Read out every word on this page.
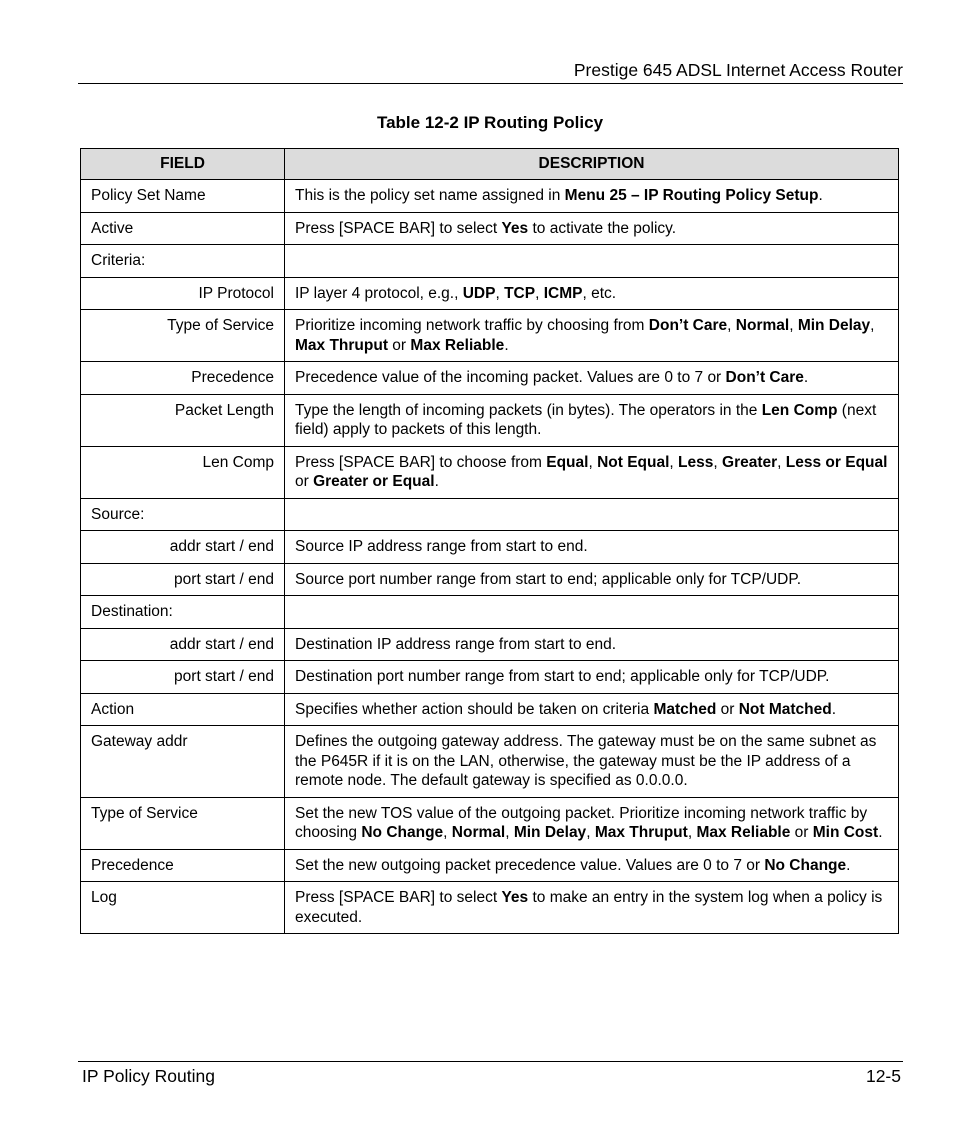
Prestige 645 ADSL Internet Access Router
Table 12-2 IP Routing Policy
FIELD	DESCRIPTION
Policy Set Name	This is the policy set name assigned in Menu 25 – IP Routing Policy Setup.
Active	Press [SPACE BAR] to select Yes to activate the policy.
Criteria:	
IP Protocol	IP layer 4 protocol, e.g., UDP, TCP, ICMP, etc.
Type of Service	Prioritize incoming network traffic by choosing from Don’t Care, Normal, Min Delay, Max Thruput or Max Reliable.
Precedence	Precedence value of the incoming packet. Values are 0 to 7 or Don’t Care.
Packet Length	Type the length of incoming packets (in bytes). The operators in the Len Comp (next field) apply to packets of this length.
Len Comp	Press [SPACE BAR] to choose from Equal, Not Equal, Less, Greater, Less or Equal or Greater or Equal.
Source:	
addr start / end	Source IP address range from start to end.
port start / end	Source port number range from start to end; applicable only for TCP/UDP.
Destination:	
addr start / end	Destination IP address range from start to end.
port start / end	Destination port number range from start to end; applicable only for TCP/UDP.
Action	Specifies whether action should be taken on criteria Matched or Not Matched.
Gateway addr	Defines the outgoing gateway address. The gateway must be on the same subnet as the P645R if it is on the LAN, otherwise, the gateway must be the IP address of a remote node. The default gateway is specified as 0.0.0.0.
Type of Service	Set the new TOS value of the outgoing packet. Prioritize incoming network traffic by choosing No Change, Normal, Min Delay, Max Thruput, Max Reliable or Min Cost.
Precedence	Set the new outgoing packet precedence value. Values are 0 to 7 or No Change.
Log	Press [SPACE BAR] to select Yes to make an entry in the system log when a policy is executed.
IP Policy Routing	12-5
